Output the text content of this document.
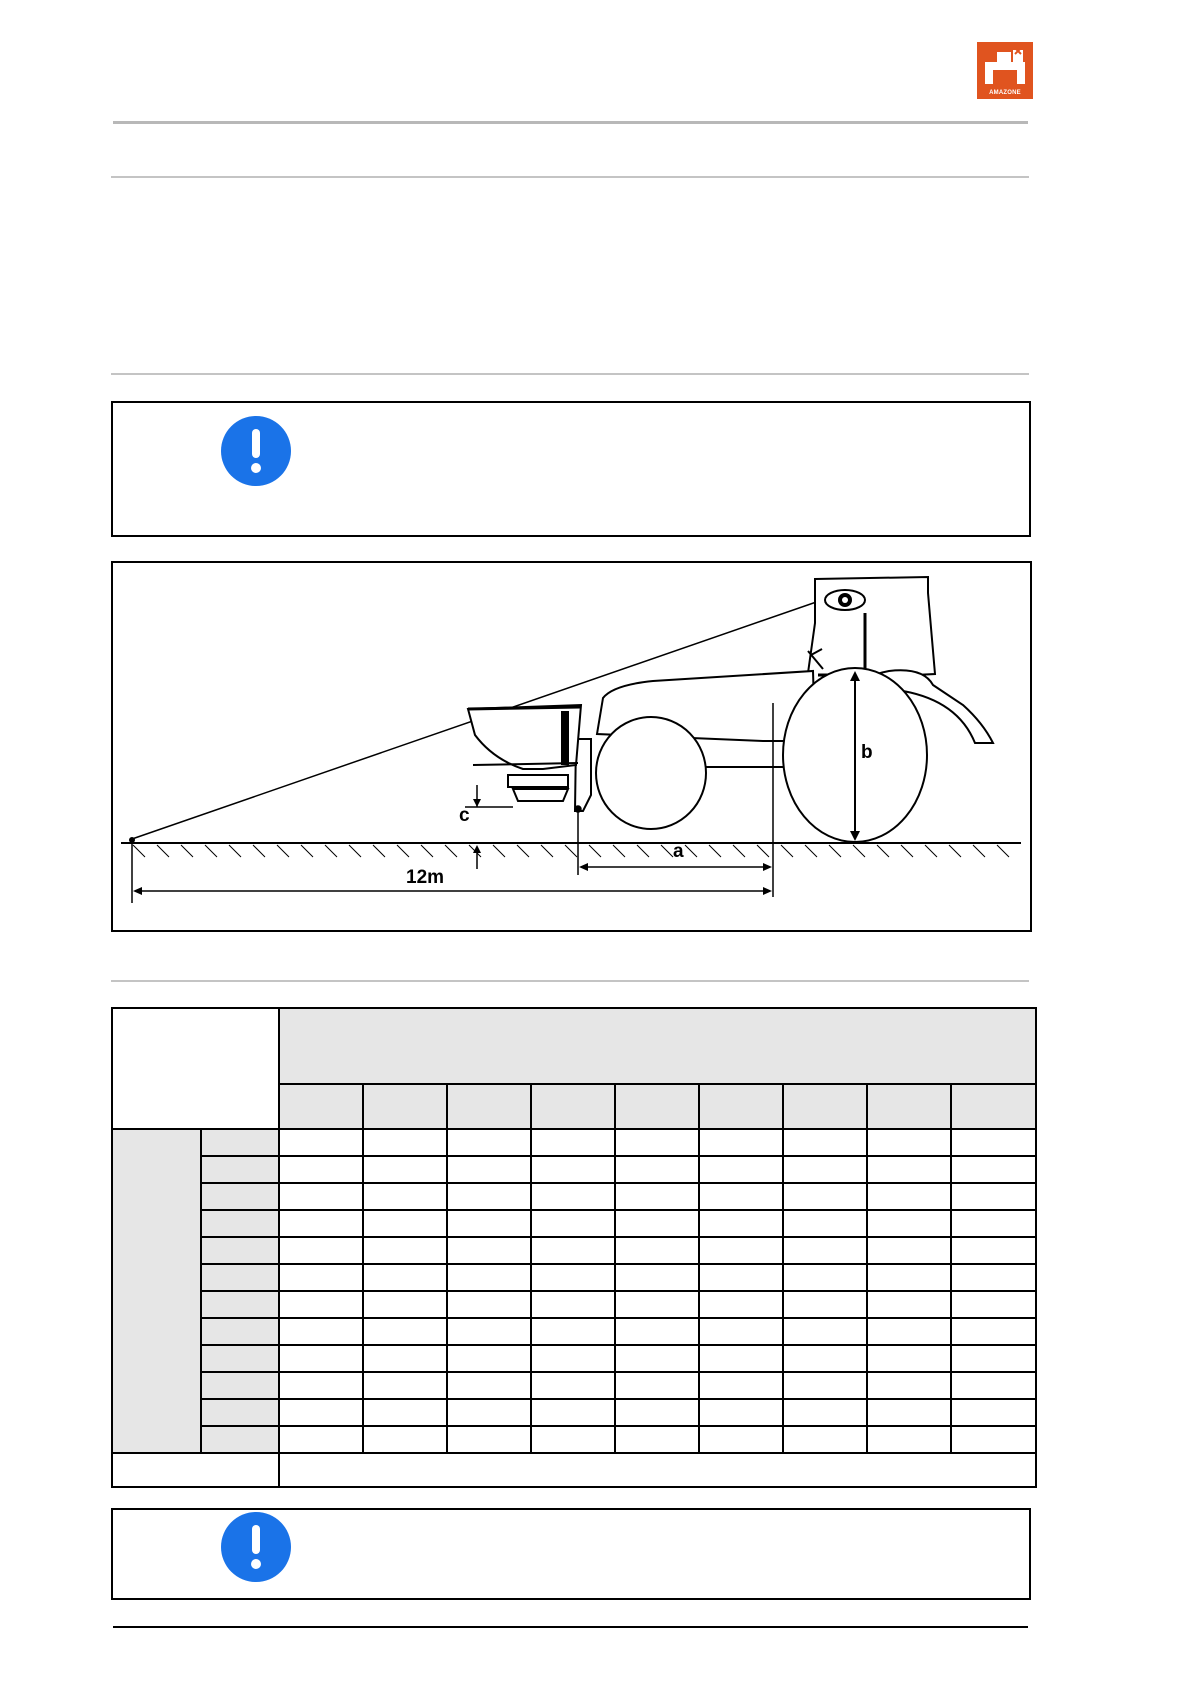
AMAZONE
b
c
a
12m
